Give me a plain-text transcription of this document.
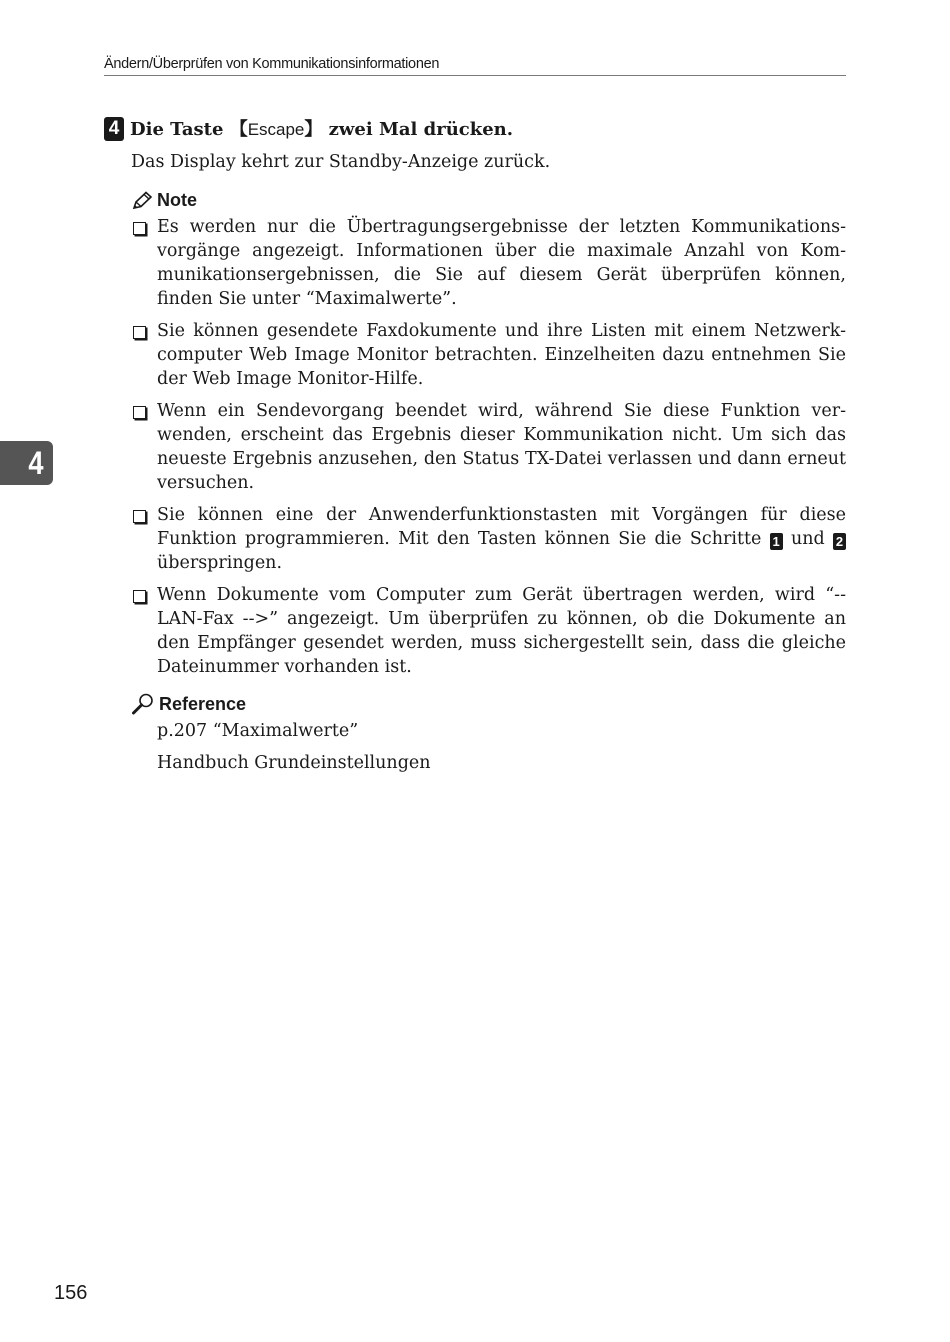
Ändern/Überprüfen von Kommunikationsinformationen
4
4 Die Taste 【Escape】 zwei Mal drücken.
Das Display kehrt zur Standby-Anzeige zurück.
Note
Es werden nur die Übertragungsergebnisse der letzten Kommunikations-vorgänge angezeigt. Informationen über die maximale Anzahl von Kom-munikationsergebnissen, die Sie auf diesem Gerät überprüfen können, finden Sie unter “Maximalwerte”.
Sie können gesendete Faxdokumente und ihre Listen mit einem Netzwerk-computer Web Image Monitor betrachten. Einzelheiten dazu entnehmen Sie der Web Image Monitor-Hilfe.
Wenn ein Sendevorgang beendet wird, während Sie diese Funktion ver-wenden, erscheint das Ergebnis dieser Kommunikation nicht. Um sich das neueste Ergebnis anzusehen, den Status TX-Datei verlassen und dann erneut versuchen.
Sie können eine der Anwenderfunktionstasten mit Vorgängen für diese Funktion programmieren. Mit den Tasten können Sie die Schritte 1 und 2 überspringen.
Wenn Dokumente vom Computer zum Gerät übertragen werden, wird “--LAN-Fax -->” angezeigt. Um überprüfen zu können, ob die Dokumente an den Empfänger gesendet werden, muss sichergestellt sein, dass die gleiche Dateinummer vorhanden ist.
Reference
p.207 “Maximalwerte”
Handbuch Grundeinstellungen
156
